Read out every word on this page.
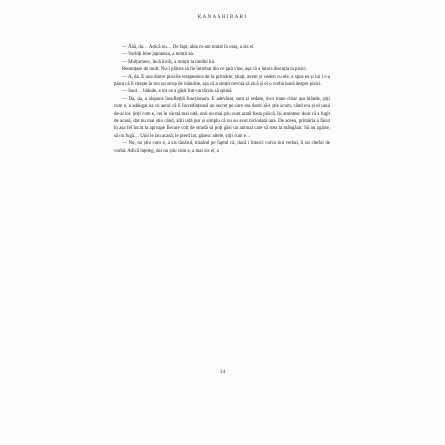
KANASHIBARI

— Ăăă, da… Adică nu… De fapt, abia m-am mutat în oraș, a zis el.

— Vorbiți bine japoneza, a mințit ea.

— Mulțumesc, încă învăț, a mințit la rândul lui.

Renunțase de mult. Nu-i plăcea să fie întrebat din ce țară vine, așa că a întors discuția la pisici.

— A, da. E una dintre pisicile terapeutice de la primărie, știați, avem și vederi cu ele, a spus ea și lui i s-a părut că îl citește în ton un strop de mândrie, așa că a simțit nevoia să zică și el o vorbă bună despre pisici.

— Sunt… blânde, e tot ce a găsit într-un târziu să spună.

— Da, da, a răspuns însuflețită funcționara. E adevărat, sunt și sedate, nu-s toate chiar așa blânde, știți cum e, a adăugat ea cu aerul că îi încredințează un secret pe care era dator să-l știe acum, când era și el unul de-ai lor. Știți cum e, cei în vârstă mai uită, unii nu mai știu cum arată fosta pisică, își amintesc doar că a fugit de acasă, dar nu mai știu când, altii uită pur și simplu că nu au avut niciodată una. De aceea, primăria a făcut în așa fel încât la aproape fiecare colț de stradă să poți găsi un animal care să stea la mângâiat. Să nu zgârie, să nu fugă… Unii le iau acasă, le pierd iar, găsesc altele, știți cum e…

— Nu, nu știu cum e, a zis tânărul, mizând pe faptul că, dacă i întorci cuiva tiul verbal, îi tai cheful de vorbă. Adică înțeleg, dar nu știu cum e, a mai zis el, a

14
